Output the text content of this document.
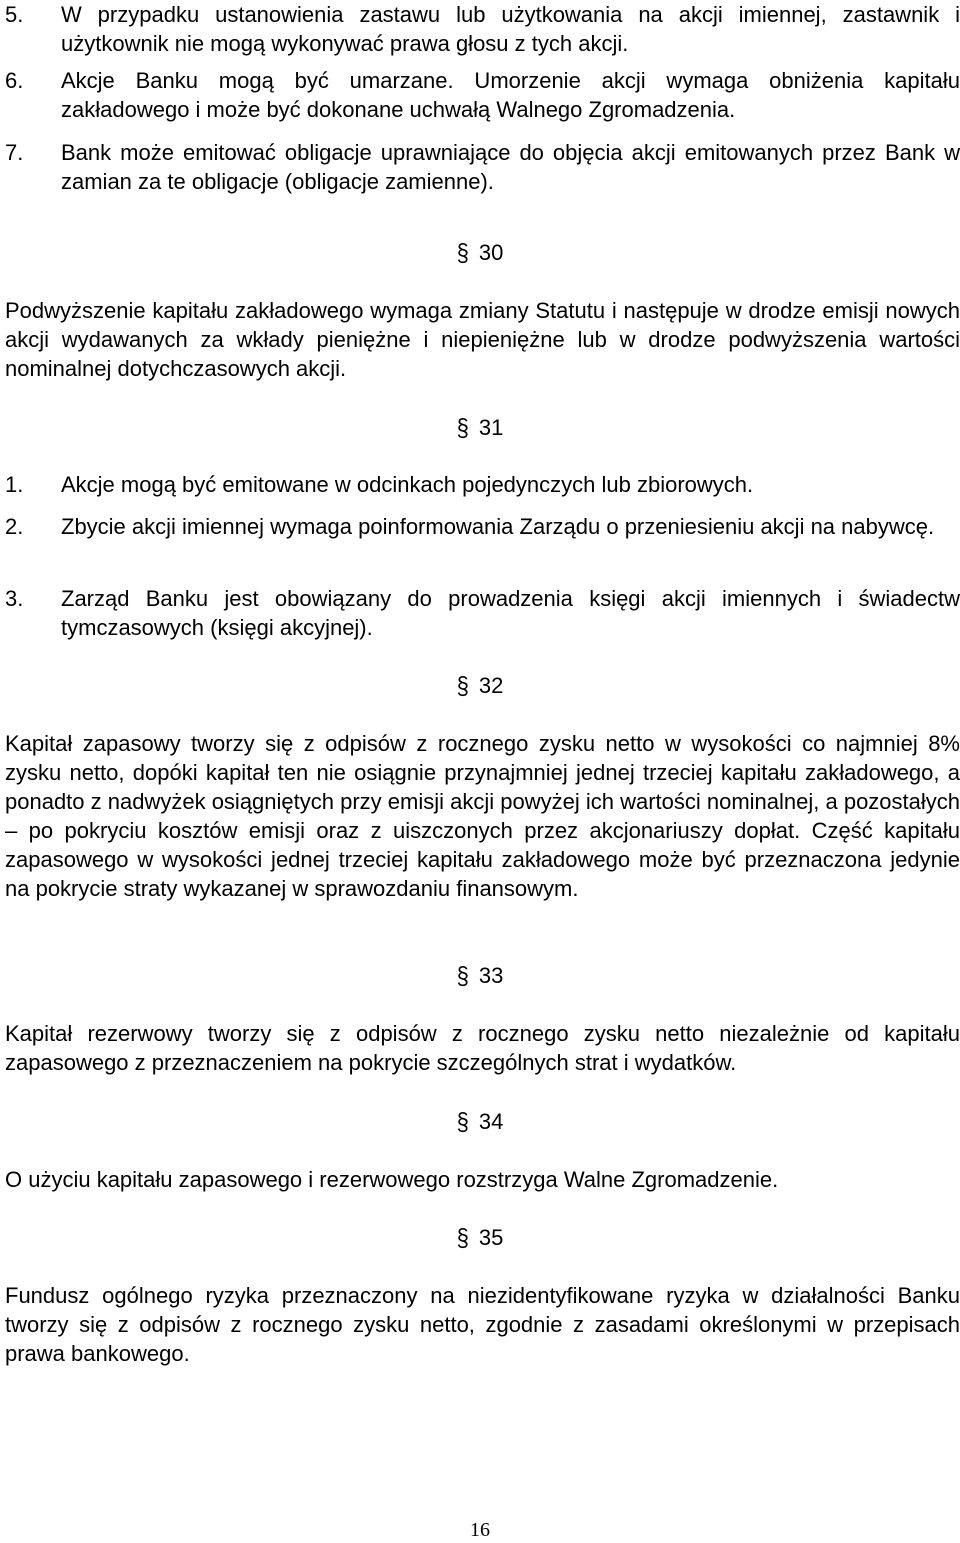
5. W przypadku ustanowienia zastawu lub użytkowania na akcji imiennej, zastawnik i użytkownik nie mogą wykonywać prawa głosu z tych akcji.
6. Akcje Banku mogą być umarzane. Umorzenie akcji wymaga obniżenia kapitału zakładowego i może być dokonane uchwałą Walnego Zgromadzenia.
7. Bank może emitować obligacje uprawniające do objęcia akcji emitowanych przez Bank w zamian za te obligacje (obligacje zamienne).
§ 30
Podwyższenie kapitału zakładowego wymaga zmiany Statutu i następuje w drodze emisji nowych akcji wydawanych za wkłady pieniężne i niepieniężne lub w drodze podwyższenia wartości nominalnej dotychczasowych akcji.
§ 31
1. Akcje mogą być emitowane w odcinkach pojedynczych lub zbiorowych.
2. Zbycie akcji imiennej wymaga poinformowania Zarządu o przeniesieniu akcji na nabywcę.
3. Zarząd Banku jest obowiązany do prowadzenia księgi akcji imiennych i świadectw tymczasowych (księgi akcyjnej).
§ 32
Kapitał zapasowy tworzy się z odpisów z rocznego zysku netto w wysokości co najmniej 8% zysku netto, dopóki kapitał ten nie osiągnie przynajmniej jednej trzeciej kapitału zakładowego, a ponadto z nadwyżek osiągniętych przy emisji akcji powyżej ich wartości nominalnej, a pozostałych – po pokryciu kosztów emisji oraz z uiszczonych przez akcjonariuszy dopłat. Część kapitału zapasowego w wysokości jednej trzeciej kapitału zakładowego może być przeznaczona jedynie na pokrycie straty wykazanej w sprawozdaniu finansowym.
§ 33
Kapitał rezerwowy tworzy się z odpisów z rocznego zysku netto niezależnie od kapitału zapasowego z przeznaczeniem na pokrycie szczególnych strat i wydatków.
§ 34
O użyciu kapitału zapasowego i rezerwowego rozstrzyga Walne Zgromadzenie.
§ 35
Fundusz ogólnego ryzyka przeznaczony na niezidentyfikowane ryzyka w działalności Banku tworzy się z odpisów z rocznego zysku netto, zgodnie z zasadami określonymi w przepisach prawa bankowego.
16
